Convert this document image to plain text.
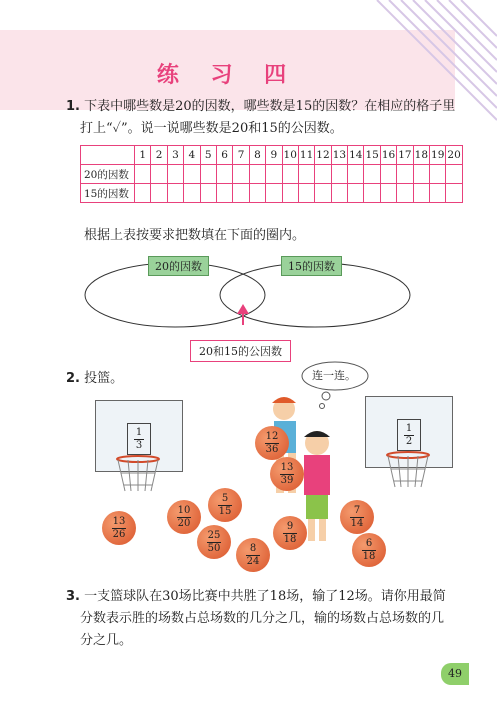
练 习 四
1. 下表中哪些数是20的因数，哪些数是15的因数？在相应的格子里
打上“✓”。说一说哪些数是20和15的公因数。
	1	2	3	4	5	6	7	8	9	10	11	12	13	14	15	16	17	18	19	20
20的因数																				
15的因数																				
根据上表按要求把数填在下面的圈内。
20的因数	15的因数
20和15的公因数
2. 投篮。	连一连。
1
3
1
2
12
36
13
39
5
15
10
20
13
26	25
50	8
24
9
18
7
14
6
18
3. 一支篮球队在30场比赛中共胜了18场，输了12场。请你用最简
分数表示胜的场数占总场数的几分之几，输的场数占总场数的几
分之几。
49
